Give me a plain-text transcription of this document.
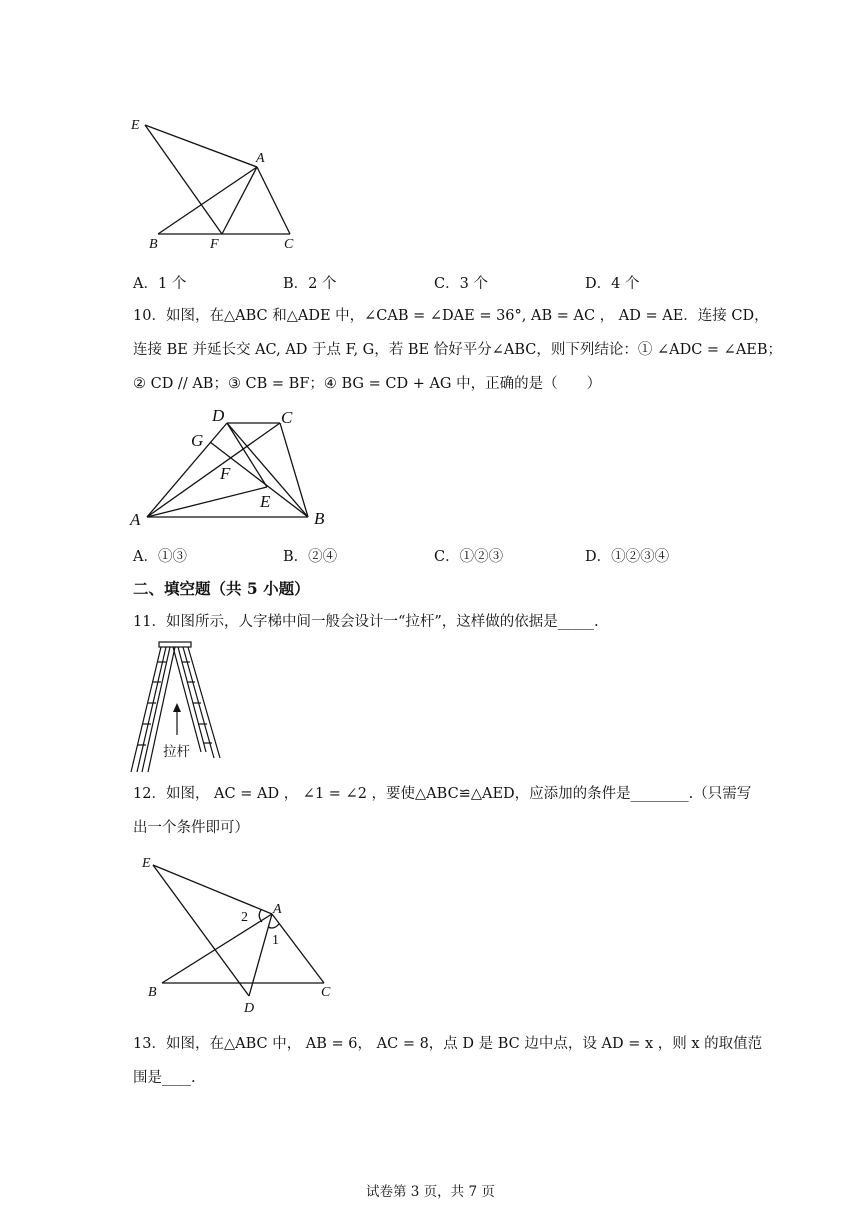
E
A
B	F	C
A．1 个	B．2 个	C．3 个	D．4 个
10．如图，在△ABC 和△ADE 中，∠CAB = ∠DAE = 36°, AB = AC ， AD = AE．连接 CD，
连接 BE 并延长交 AC, AD 于点 F, G，若 BE 恰好平分∠ABC，则下列结论：① ∠ADC = ∠AEB；
② CD // AB；③ CB = BF；④ BG = CD + AG 中，正确的是（　　）
D	C
G
F
E
A	B
A．①③	B．②④	C．①②③	D．①②③④
二、填空题（共 5 小题）
11．如图所示，人字梯中间一般会设计一“拉杆”，这样做的依据是_____.
拉杆
12．如图， AC = AD ， ∠1 = ∠2 ，要使△ABC≌△AED，应添加的条件是________.（只需写
出一个条件即可）
E
A
2
1
B
D
C
13．如图，在△ABC 中， AB = 6， AC = 8，点 D 是 BC 边中点，设 AD = x ，则 x 的取值范
围是____.
试卷第 3 页，共 7 页
